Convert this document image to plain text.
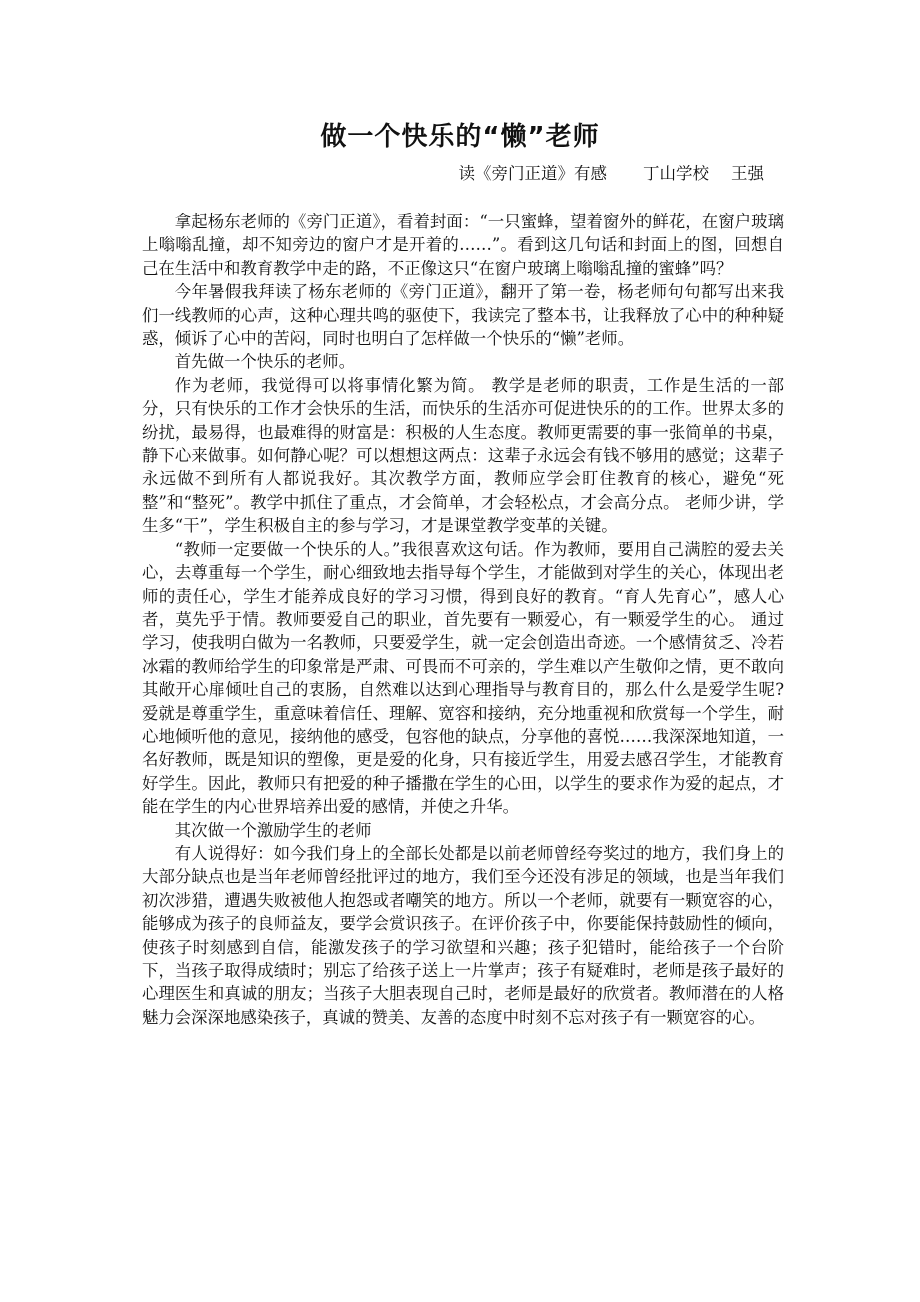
做一个快乐的“懒”老师
读《旁门正道》有感 丁山学校 王强

拿起杨东老师的《旁门正道》，看着封面：“一只蜜蜂，望着窗外的鲜花，在窗户玻璃上嗡嗡乱撞，却不知旁边的窗户才是开着的……”。看到这几句话和封面上的图，回想自己在生活中和教育教学中走的路，不正像这只“在窗户玻璃上嗡嗡乱撞的蜜蜂”吗？

今年暑假我拜读了杨东老师的《旁门正道》，翻开了第一卷，杨老师句句都写出来我们一线教师的心声，这种心理共鸣的驱使下，我读完了整本书，让我释放了心中的种种疑惑，倾诉了心中的苦闷，同时也明白了怎样做一个快乐的“懒”老师。

首先做一个快乐的老师。

作为老师，我觉得可以将事情化繁为简。 教学是老师的职责，工作是生活的一部分，只有快乐的工作才会快乐的生活，而快乐的生活亦可促进快乐的的工作。世界太多的纷扰，最易得，也最难得的财富是：积极的人生态度。教师更需要的事一张简单的书桌，静下心来做事。如何静心呢？可以想想这两点：这辈子永远会有钱不够用的感觉；这辈子永远做不到所有人都说我好。其次教学方面，教师应学会盯住教育的核心，避免“死整”和“整死”。教学中抓住了重点，才会简单，才会轻松点，才会高分点。 老师少讲，学生多“干”，学生积极自主的参与学习，才是课堂教学变革的关键。

“教师一定要做一个快乐的人。”我很喜欢这句话。作为教师，要用自己满腔的爱去关心，去尊重每一个学生，耐心细致地去指导每个学生，才能做到对学生的关心，体现出老师的责任心，学生才能养成良好的学习习惯，得到良好的教育。“育人先育心”，感人心者，莫先乎于情。教师要爱自己的职业，首先要有一颗爱心，有一颗爱学生的心。 通过学习，使我明白做为一名教师，只要爱学生，就一定会创造出奇迹。一个感情贫乏、冷若冰霜的教师给学生的印象常是严肃、可畏而不可亲的，学生难以产生敬仰之情，更不敢向其敞开心扉倾吐自己的衷肠，自然难以达到心理指导与教育目的，那么什么是爱学生呢?爱就是尊重学生，重意味着信任、理解、宽容和接纳，充分地重视和欣赏每一个学生，耐心地倾听他的意见，接纳他的感受，包容他的缺点，分享他的喜悦……我深深地知道，一名好教师，既是知识的塑像，更是爱的化身，只有接近学生，用爱去感召学生，才能教育好学生。因此，教师只有把爱的种子播撒在学生的心田，以学生的要求作为爱的起点，才能在学生的内心世界培养出爱的感情，并使之升华。

其次做一个激励学生的老师

有人说得好：如今我们身上的全部长处都是以前老师曾经夸奖过的地方，我们身上的大部分缺点也是当年老师曾经批评过的地方，我们至今还没有涉足的领域，也是当年我们初次涉猎，遭遇失败被他人抱怨或者嘲笑的地方。所以一个老师，就要有一颗宽容的心，能够成为孩子的良师益友，要学会赏识孩子。在评价孩子中，你要能保持鼓励性的倾向，使孩子时刻感到自信，能激发孩子的学习欲望和兴趣；孩子犯错时，能给孩子一个台阶下，当孩子取得成绩时；别忘了给孩子送上一片掌声；孩子有疑难时，老师是孩子最好的心理医生和真诚的朋友；当孩子大胆表现自己时，老师是最好的欣赏者。教师潜在的人格魅力会深深地感染孩子，真诚的赞美、友善的态度中时刻不忘对孩子有一颗宽容的心。
